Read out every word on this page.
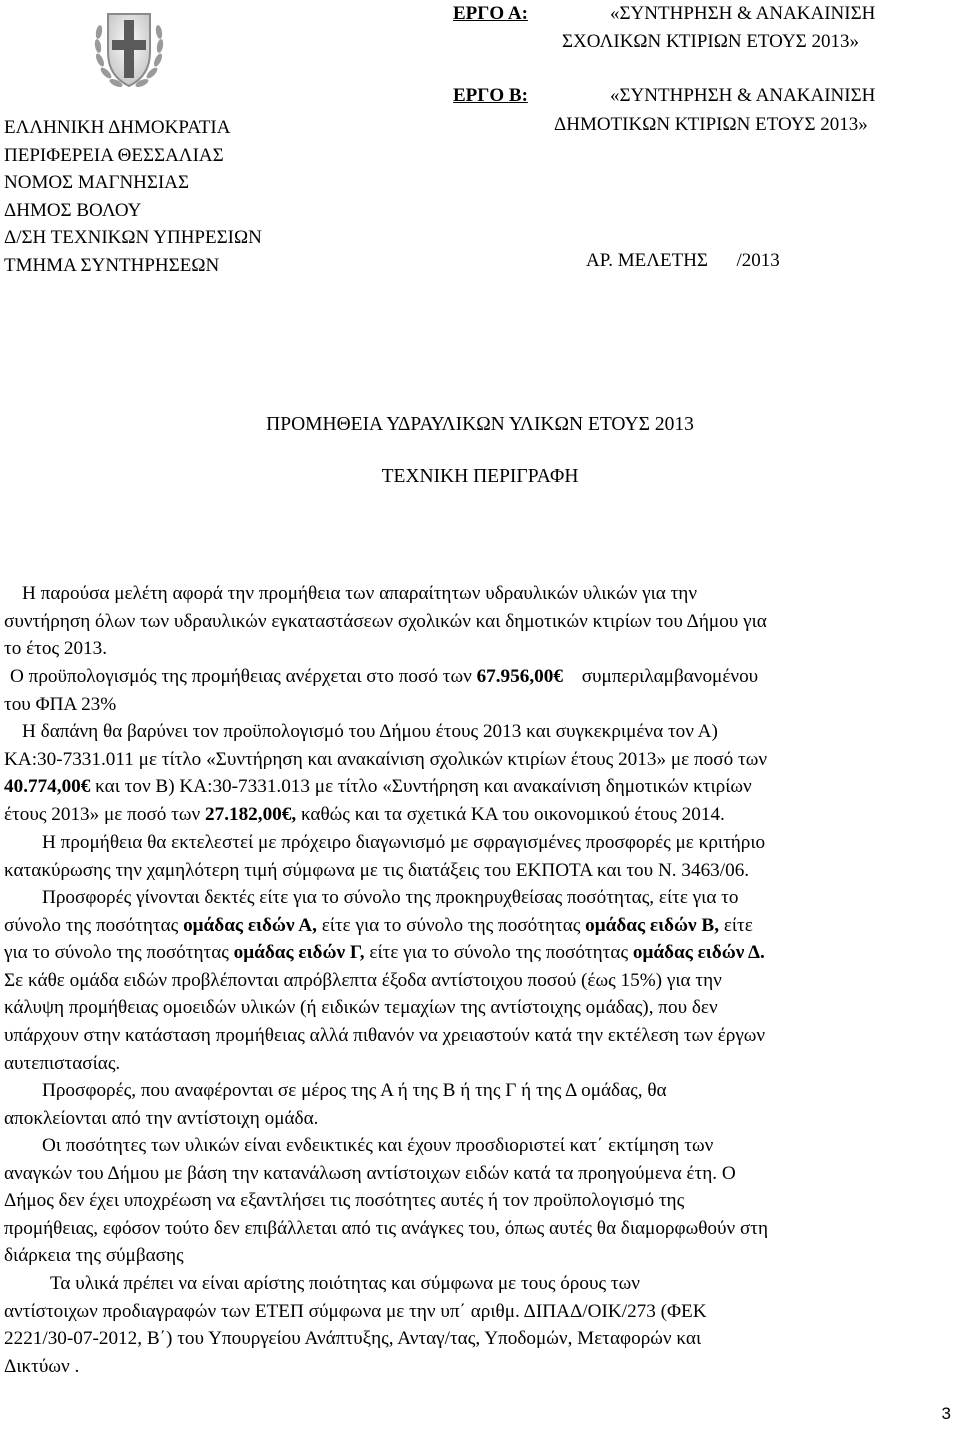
ΕΡΓΟ Α:	«ΣΥΝΤΗΡΗΣΗ & ΑΝΑΚΑΙΝΙΣΗ
ΣΧΟΛΙΚΩΝ ΚΤΙΡΙΩΝ ΕΤΟΥΣ 2013»
ΕΡΓΟ Β:	«ΣΥΝΤΗΡΗΣΗ & ΑΝΑΚΑΙΝΙΣΗ
ΔΗΜΟΤΙΚΩΝ ΚΤΙΡΙΩΝ ΕΤΟΥΣ 2013»
ΕΛΛΗΝΙΚΗ ΔΗΜΟΚΡΑΤΙΑ
ΠΕΡΙΦΕΡΕΙΑ ΘΕΣΣΑΛΙΑΣ
ΝΟΜΟΣ ΜΑΓΝΗΣΙΑΣ
ΔΗΜΟΣ ΒΟΛΟΥ
Δ/ΣΗ ΤΕΧΝΙΚΩΝ ΥΠΗΡΕΣΙΩΝ
ΤΜΗΜΑ ΣΥΝΤΗΡΗΣΕΩΝ	ΑΡ. ΜΕΛΕΤΗΣ      /2013
ΠΡΟΜΗΘΕΙΑ ΥΔΡΑΥΛΙΚΩΝ ΥΛΙΚΩΝ ΕΤΟΥΣ 2013
ΤΕΧΝΙΚΗ ΠΕΡΙΓΡΑΦΗ
Η παρούσα μελέτη αφορά την προμήθεια των απαραίτητων υδραυλικών υλικών για την
συντήρηση όλων των υδραυλικών εγκαταστάσεων σχολικών και δημοτικών κτιρίων του Δήμου για
το έτος 2013.
Ο προϋπολογισμός της προμήθειας ανέρχεται στο ποσό των 67.956,00€ συμπεριλαμβανομένου
του ΦΠΑ 23%
Η δαπάνη θα βαρύνει τον προϋπολογισμό του Δήμου έτους 2013 και συγκεκριμένα τον Α)
ΚΑ:30-7331.011 με τίτλο «Συντήρηση και ανακαίνιση σχολικών κτιρίων έτους 2013» με ποσό των
40.774,00€ και τον Β) ΚΑ:30-7331.013 με τίτλο «Συντήρηση και ανακαίνιση δημοτικών κτιρίων
έτους 2013» με ποσό των 27.182,00€, καθώς και τα σχετικά ΚΑ του οικονομικού έτους 2014.
Η προμήθεια θα εκτελεστεί με πρόχειρο διαγωνισμό με σφραγισμένες προσφορές με κριτήριο
κατακύρωσης την χαμηλότερη τιμή σύμφωνα με τις διατάξεις του ΕΚΠΟΤΑ και του Ν. 3463/06.
Προσφορές γίνονται δεκτές είτε για το σύνολο της προκηρυχθείσας ποσότητας, είτε για το
σύνολο της ποσότητας ομάδας ειδών Α, είτε για το σύνολο της ποσότητας ομάδας ειδών Β, είτε
για το σύνολο της ποσότητας ομάδας ειδών Γ, είτε για το σύνολο της ποσότητας ομάδας ειδών Δ.
Σε κάθε ομάδα ειδών προβλέπονται απρόβλεπτα έξοδα αντίστοιχου ποσού (έως 15%) για την
κάλυψη προμήθειας ομοειδών υλικών (ή ειδικών τεμαχίων της αντίστοιχης ομάδας), που δεν
υπάρχουν στην κατάσταση προμήθειας αλλά πιθανόν να χρειαστούν κατά την εκτέλεση των έργων
αυτεπιστασίας.
Προσφορές, που αναφέρονται σε μέρος της Α ή της Β ή της Γ ή της Δ ομάδας, θα
αποκλείονται από την αντίστοιχη ομάδα.
Οι ποσότητες των υλικών είναι ενδεικτικές και έχουν προσδιοριστεί κατ΄ εκτίμηση των
αναγκών του Δήμου με βάση την κατανάλωση αντίστοιχων ειδών κατά τα προηγούμενα έτη. Ο
Δήμος δεν έχει υποχρέωση να εξαντλήσει τις ποσότητες αυτές ή τον προϋπολογισμό της
προμήθειας, εφόσον τούτο δεν επιβάλλεται από τις ανάγκες του, όπως αυτές θα διαμορφωθούν στη
διάρκεια της σύμβασης
Τα υλικά πρέπει να είναι αρίστης ποιότητας και σύμφωνα με τους όρους των
αντίστοιχων προδιαγραφών των ΕΤΕΠ σύμφωνα με την υπ΄ αριθμ. ΔΙΠΑΔ/ΟΙΚ/273 (ΦΕΚ
2221/30-07-2012, Β΄) του Υπουργείου Ανάπτυξης, Ανταγ/τας, Υποδομών, Μεταφορών και
Δικτύων .
3
